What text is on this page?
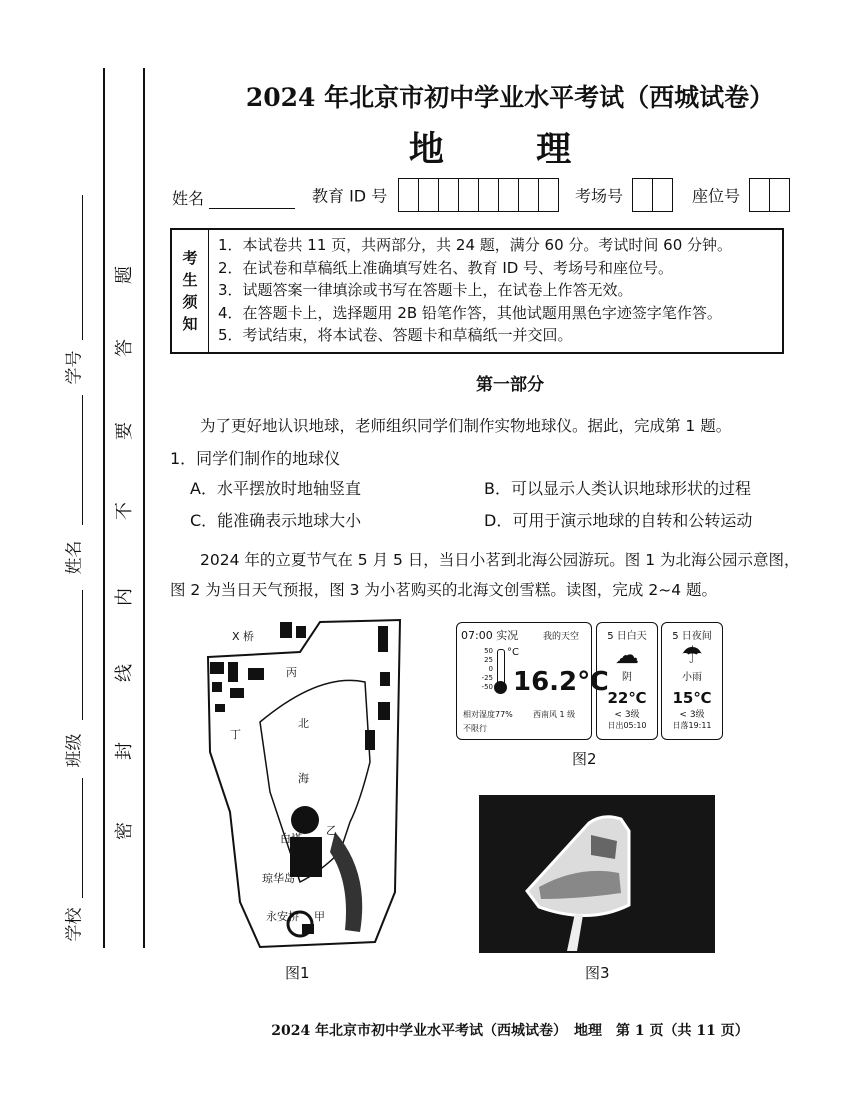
学校
班级
姓名
学号
密
封
线
内
不
要
答
题
2024 年北京市初中学业水平考试（西城试卷）
地 理
姓名	教育 ID 号	考场号	座位号
考
生
须
知
1．本试卷共 11 页，共两部分，共 24 题，满分 60 分。考试时间 60 分钟。
2．在试卷和草稿纸上准确填写姓名、教育 ID 号、考场号和座位号。
3．试题答案一律填涂或书写在答题卡上，在试卷上作答无效。
4．在答题卡上，选择题用 2B 铅笔作答，其他试题用黑色字迹签字笔作答。
5．考试结束，将本试卷、答题卡和草稿纸一并交回。
第一部分
为了更好地认识地球，老师组织同学们制作实物地球仪。据此，完成第 1 题。
1．同学们制作的地球仪
A．水平摆放时地轴竖直	B．可以显示人类认识地球形状的过程
C．能准确表示地球大小	D．可用于演示地球的自转和公转运动
2024 年的立夏节气在 5 月 5 日，当日小茗到北海公园游玩。图 1 为北海公园示意图，
图 2 为当日天气预报，图 3 为小茗购买的北海文创雪糕。读图，完成 2~4 题。
X 桥
丙
丁
北
海
白塔
乙
琼华岛
永安桥 甲
图1
07:00 实况	我的天空
50
25
0
-25
-50
°C
16.2℃
相对湿度77%	西南风 1 级
不限行
5 日白天
☁
阴
22℃
< 3级
日出05:10
5 日夜间
☂
小雨
15℃
< 3级
日落19:11
图2
图3
2024 年北京市初中学业水平考试（西城试卷）　地理　第 1 页（共 11 页）
